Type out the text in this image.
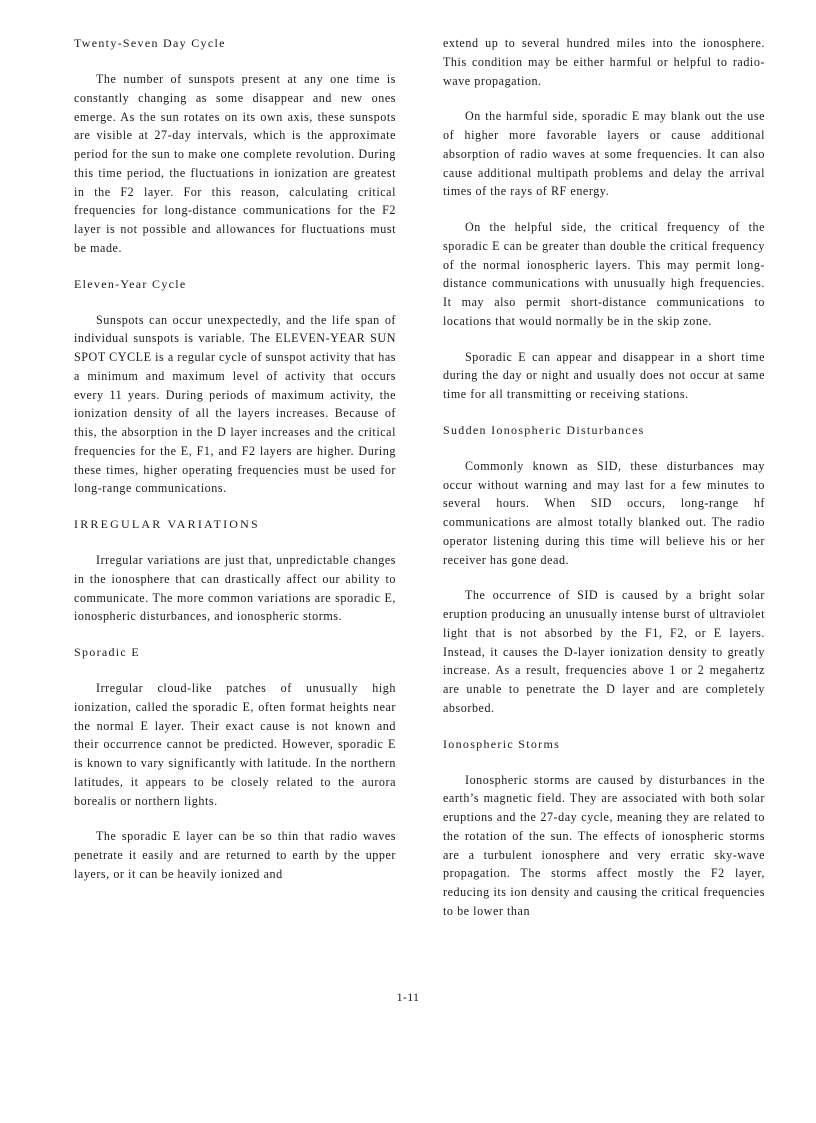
Twenty-Seven Day Cycle

The number of sunspots present at any one time is constantly changing as some disappear and new ones emerge. As the sun rotates on its own axis, these sunspots are visible at 27-day intervals, which is the approximate period for the sun to make one complete revolution. During this time period, the fluctuations in ionization are greatest in the F2 layer. For this reason, calculating critical frequencies for long-distance communications for the F2 layer is not possible and allowances for fluctuations must be made.

Eleven-Year Cycle

Sunspots can occur unexpectedly, and the life span of individual sunspots is variable. The ELEVEN-YEAR SUN SPOT CYCLE is a regular cycle of sunspot activity that has a minimum and maximum level of activity that occurs every 11 years. During periods of maximum activity, the ionization density of all the layers increases. Because of this, the absorption in the D layer increases and the critical frequencies for the E, F1, and F2 layers are higher. During these times, higher operating frequencies must be used for long-range communications.

IRREGULAR VARIATIONS

Irregular variations are just that, unpredictable changes in the ionosphere that can drastically affect our ability to communicate. The more common variations are sporadic E, ionospheric disturbances, and ionospheric storms.

Sporadic E

Irregular cloud-like patches of unusually high ionization, called the sporadic E, often format heights near the normal E layer. Their exact cause is not known and their occurrence cannot be predicted. However, sporadic E is known to vary significantly with latitude. In the northern latitudes, it appears to be closely related to the aurora borealis or northern lights.

The sporadic E layer can be so thin that radio waves penetrate it easily and are returned to earth by the upper layers, or it can be heavily ionized and

extend up to several hundred miles into the ionosphere. This condition may be either harmful or helpful to radio-wave propagation.

On the harmful side, sporadic E may blank out the use of higher more favorable layers or cause additional absorption of radio waves at some frequencies. It can also cause additional multipath problems and delay the arrival times of the rays of RF energy.

On the helpful side, the critical frequency of the sporadic E can be greater than double the critical frequency of the normal ionospheric layers. This may permit long-distance communications with unusually high frequencies. It may also permit short-distance communications to locations that would normally be in the skip zone.

Sporadic E can appear and disappear in a short time during the day or night and usually does not occur at same time for all transmitting or receiving stations.

Sudden Ionospheric Disturbances

Commonly known as SID, these disturbances may occur without warning and may last for a few minutes to several hours. When SID occurs, long-range hf communications are almost totally blanked out. The radio operator listening during this time will believe his or her receiver has gone dead.

The occurrence of SID is caused by a bright solar eruption producing an unusually intense burst of ultraviolet light that is not absorbed by the F1, F2, or E layers. Instead, it causes the D-layer ionization density to greatly increase. As a result, frequencies above 1 or 2 megahertz are unable to penetrate the D layer and are completely absorbed.

Ionospheric Storms

Ionospheric storms are caused by disturbances in the earth’s magnetic field. They are associated with both solar eruptions and the 27-day cycle, meaning they are related to the rotation of the sun. The effects of ionospheric storms are a turbulent ionosphere and very erratic sky-wave propagation. The storms affect mostly the F2 layer, reducing its ion density and causing the critical frequencies to be lower than

1-11
